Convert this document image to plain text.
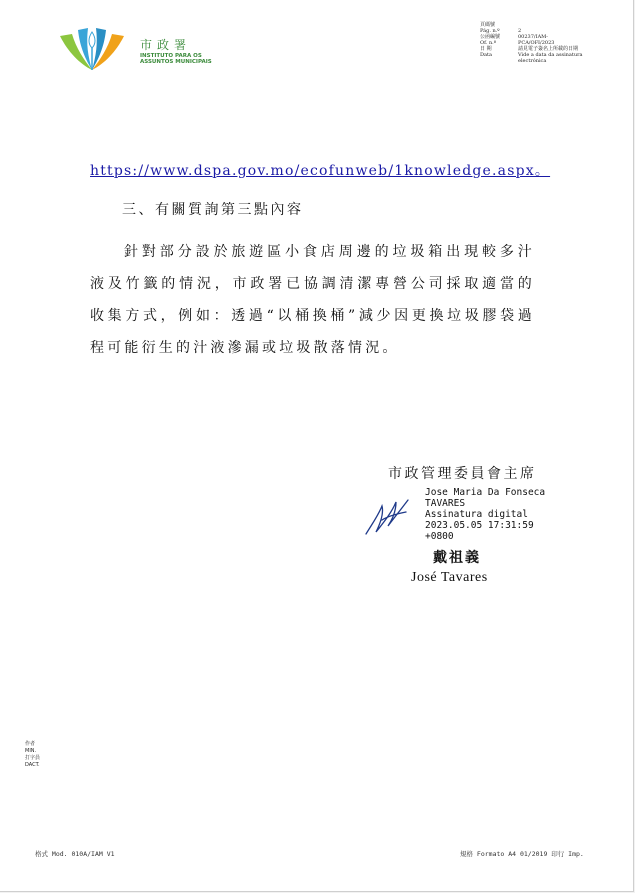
市政署
INSTITUTO PARA OS
ASSUNTOS MUNICIPAIS
頁碼號
Pág. n.º	2
公函編號	00237/IAM-
Of. n.º	PCA/OFI/2023
日 期	請見電子簽名上所載的日期
Data	Vide a data da assinatura electrónica
https://www.dspa.gov.mo/ecofunweb/1knowledge.aspx。
三、有關質詢第三點內容
針對部分設於旅遊區小食店周邊的垃圾箱出現較多汁液及竹籤的情況，市政署已協調清潔專營公司採取適當的收集方式，例如：透過“以桶換桶”減少因更換垃圾膠袋過程可能衍生的汁液滲漏或垃圾散落情況。
市政管理委員會主席
Jose Maria Da Fonseca
TAVARES
Assinatura digital
2023.05.05 17:31:59
+0800
戴祖義
José Tavares
作者
MIN.
打字員
DACT.
格式 Mod. 010A/IAM V1	規格 Formato A4 01/2019 印行 Imp.
